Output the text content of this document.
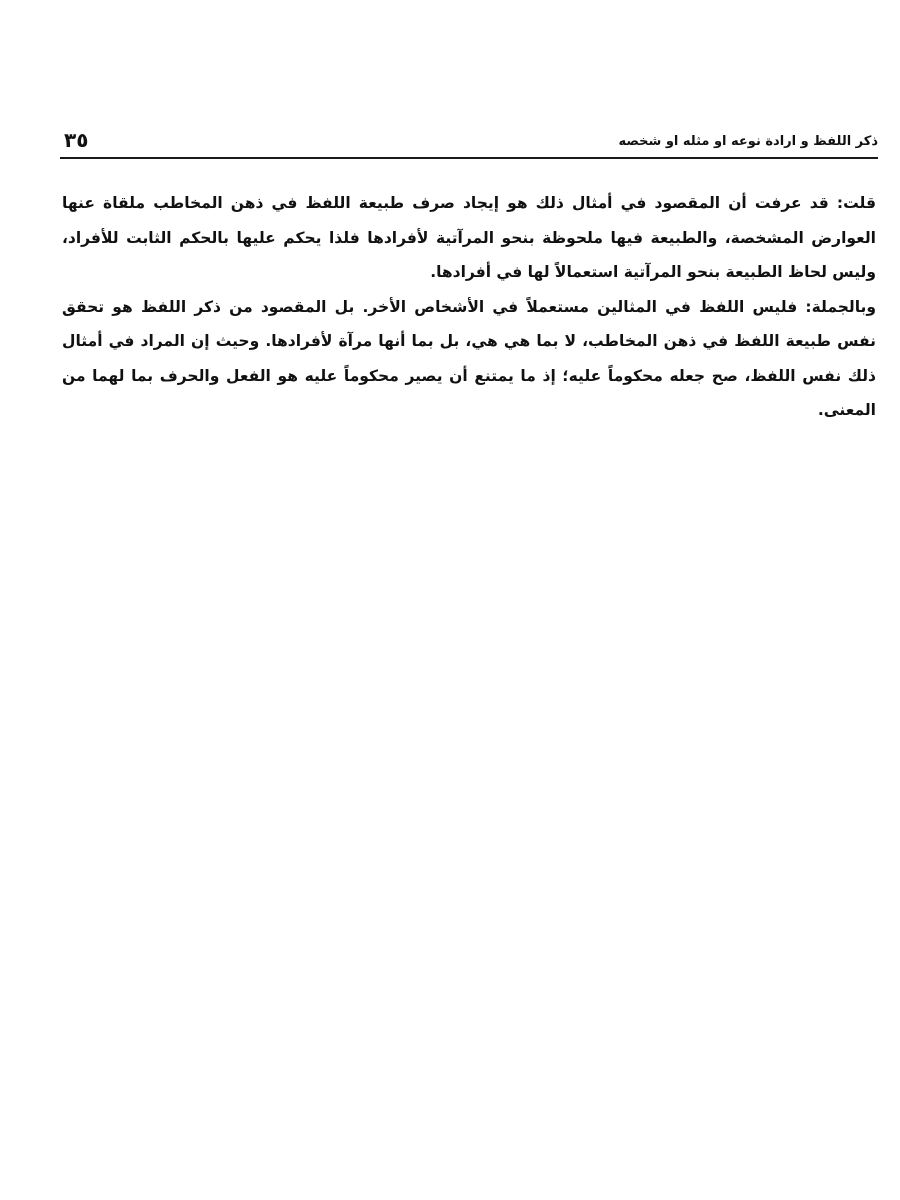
ذكر اللفظ و ارادة نوعه او مثله او شخصه
٣٥

قلت: قد عرفت أن المقصود في أمثال ذلك هو إيجاد صرف طبيعة اللفظ في ذهن المخاطب ملقاة عنها العوارض المشخصة، والطبيعة فيها ملحوظة بنحو المرآتية لأفرادها فلذا يحكم عليها بالحكم الثابت للأفراد، وليس لحاظ الطبيعة بنحو المرآتية استعمالاً لها في أفرادها.

وبالجملة: فليس اللفظ في المثالين مستعملاً في الأشخاص الأخر. بل المقصود من ذكر اللفظ هو تحقق نفس طبيعة اللفظ في ذهن المخاطب، لا بما هي هي، بل بما أنها مرآة لأفرادها. وحيث إن المراد في أمثال ذلك نفس اللفظ، صح جعله محكوماً عليه؛ إذ ما يمتنع أن يصير محكوماً عليه هو الفعل والحرف بما لهما من المعنى.
